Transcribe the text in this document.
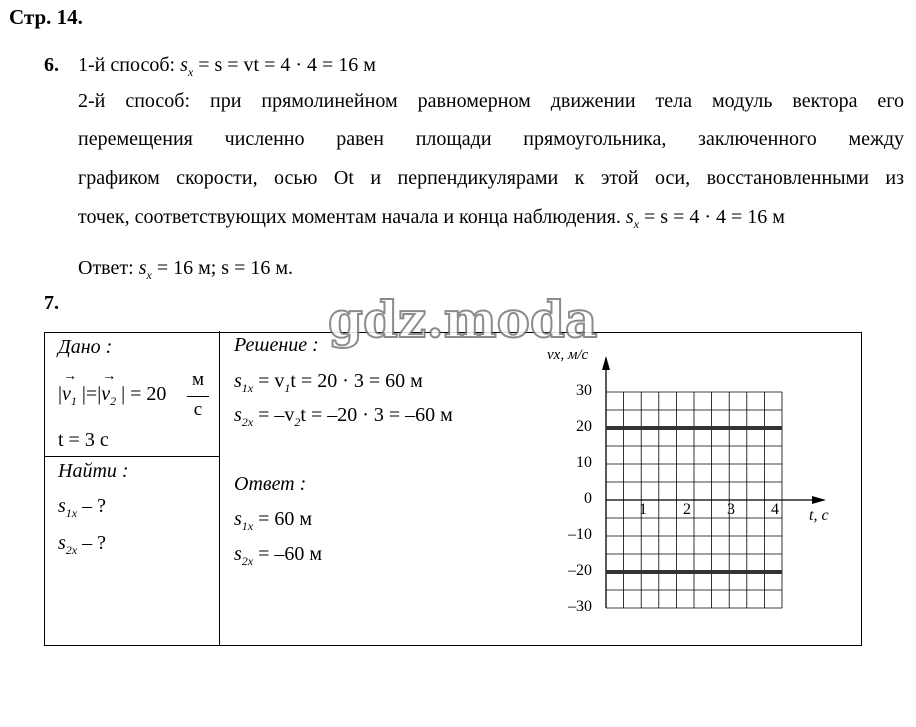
Стр. 14.
6. 1-й способ: $s_x = s$ = vt = 4 · 4 = 16 м
2-й способ: при прямолинейном равномерном движении тела модуль вектора его
перемещения численно равен площади прямоугольника, заключенного между
графиком скорости, осью Ot и перпендикулярами к этой оси, восстановленными из
точек, соответствующих моментам начала и конца наблюдения. $s_x = s = 4 \cdot 4 = 16$ м
Ответ: $s_x = 16$ м; s = 16 м.
7.
Дано :
|
→
$v_1$ |=|
→
$v_2$ | = 20
м
с
t = 3 с
Найти :
$s_{1x}$ – ?
$s_{2x}$ – ?
Решение :
$s_{1x} = v_1t = 20 \cdot 3 = 60$ м
$s_{2x} = -v_2t = -20 \cdot 3 = -60$ м
Ответ :
$s_{1x} = 60$ м
$s_{2x} = -60$ м
vx, м/с
t, с
30
20
10
0
–10
–20
–30
1 2 3 4
gdz.moda
